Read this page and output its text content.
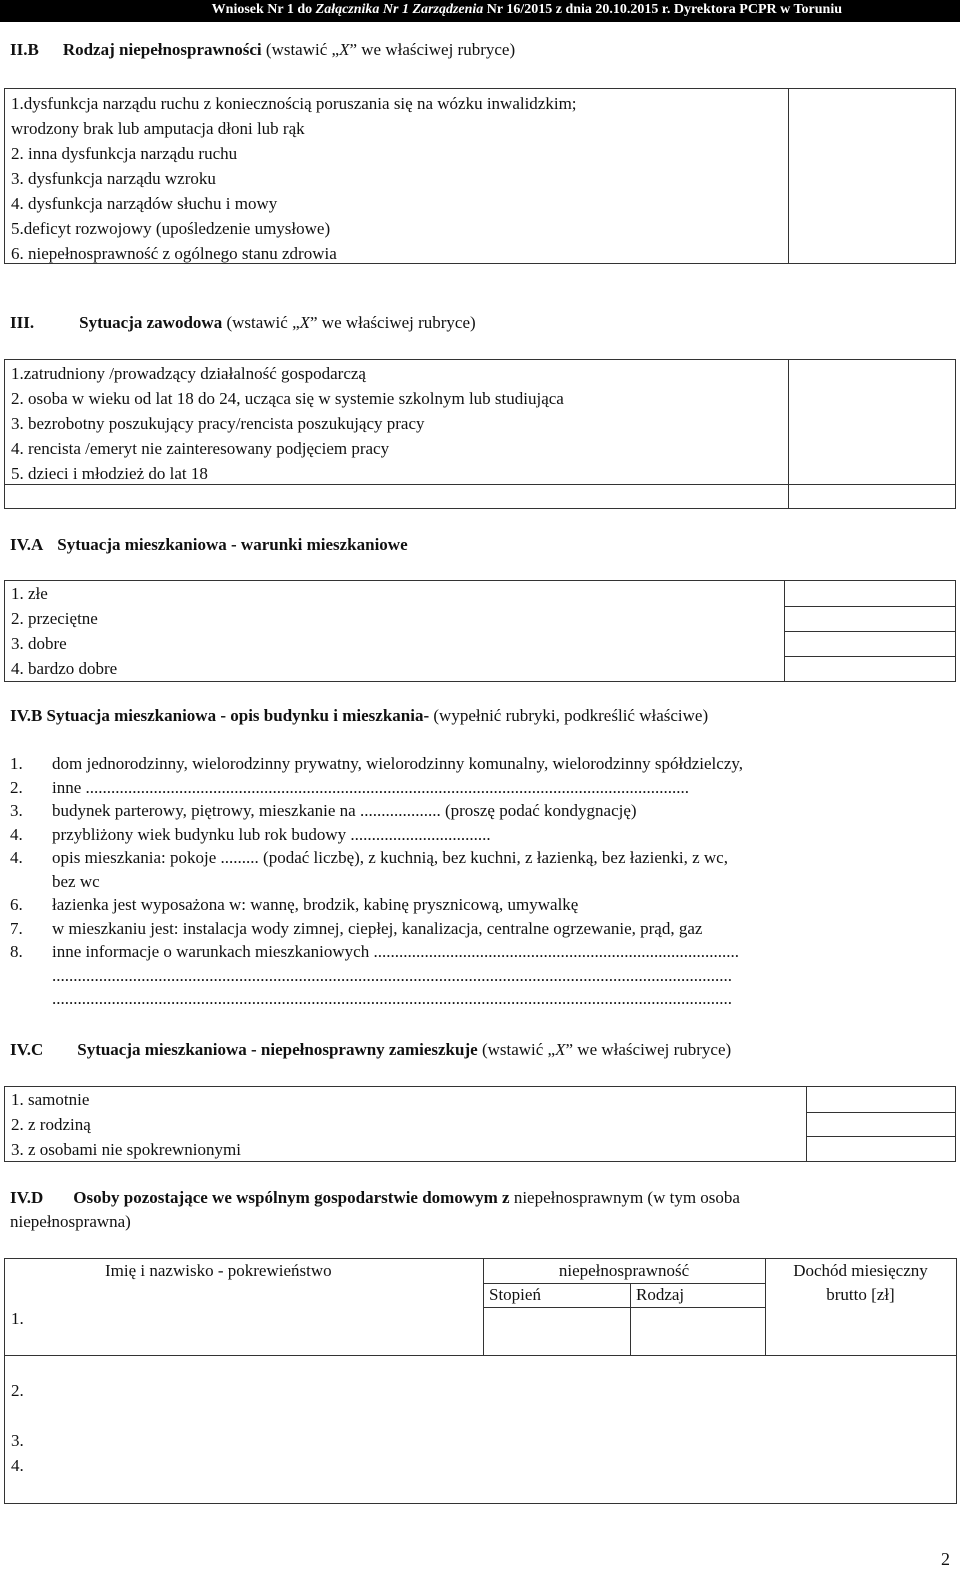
Wniosek Nr 1 do Załącznika Nr 1 Zarządzenia Nr 16/2015 z dnia 20.10.2015 r. Dyrektora PCPR w Toruniu
II.B Rodzaj niepełnosprawności (wstawić „X” we właściwej rubryce)
1.dysfunkcja narządu ruchu z koniecznością poruszania się na wózku inwalidzkim;
wrodzony brak lub amputacja dłoni lub rąk
2. inna dysfunkcja narządu ruchu
3. dysfunkcja narządu wzroku
4. dysfunkcja narządów słuchu i mowy
5.deficyt rozwojowy (upośledzenie umysłowe)
6. niepełnosprawność z ogólnego stanu zdrowia
III.	Sytuacja zawodowa (wstawić „X” we właściwej rubryce)
1.zatrudniony /prowadzący działalność gospodarczą
2. osoba w wieku od lat 18 do 24, ucząca się w systemie szkolnym lub studiująca
3. bezrobotny poszukujący pracy/rencista poszukujący pracy
4. rencista /emeryt nie zainteresowany podjęciem pracy
5. dzieci i młodzież do lat 18
IV.A Sytuacja mieszkaniowa - warunki mieszkaniowe
1. złe
2. przeciętne
3. dobre
4. bardzo dobre
IV.B Sytuacja mieszkaniowa - opis budynku i mieszkania- (wypełnić rubryki, podkreślić właściwe)
1. dom jednorodzinny, wielorodzinny prywatny, wielorodzinny komunalny, wielorodzinny spółdzielczy,
2. inne ..............................................................................................................................................
3. budynek parterowy, piętrowy, mieszkanie na ................... (proszę podać kondygnację)
4. przybliżony wiek budynku lub rok budowy .................................
4. opis mieszkania: pokoje ......... (podać liczbę), z kuchnią, bez kuchni, z łazienką, bez łazienki, z wc,
bez wc
6. łazienka jest wyposażona w: wannę, brodzik, kabinę prysznicową, umywalkę
7. w mieszkaniu jest: instalacja wody zimnej, ciepłej, kanalizacja, centralne ogrzewanie, prąd, gaz
8. inne informacje o warunkach mieszkaniowych ......................................................................................
................................................................................................................................................................
................................................................................................................................................................
IV.C Sytuacja mieszkaniowa - niepełnosprawny zamieszkuje (wstawić „X” we właściwej rubryce)
1. samotnie
2. z rodziną
3. z osobami nie spokrewnionymi
IV.D Osoby pozostające we wspólnym gospodarstwie domowym z niepełnosprawnym (w tym osoba
niepełnosprawna)
Imię i nazwisko - pokrewieństwo	niepełnosprawność
Stopień	Rodzaj
Dochód miesięczny
brutto [zł]
1.
2.
3.
4.
2
